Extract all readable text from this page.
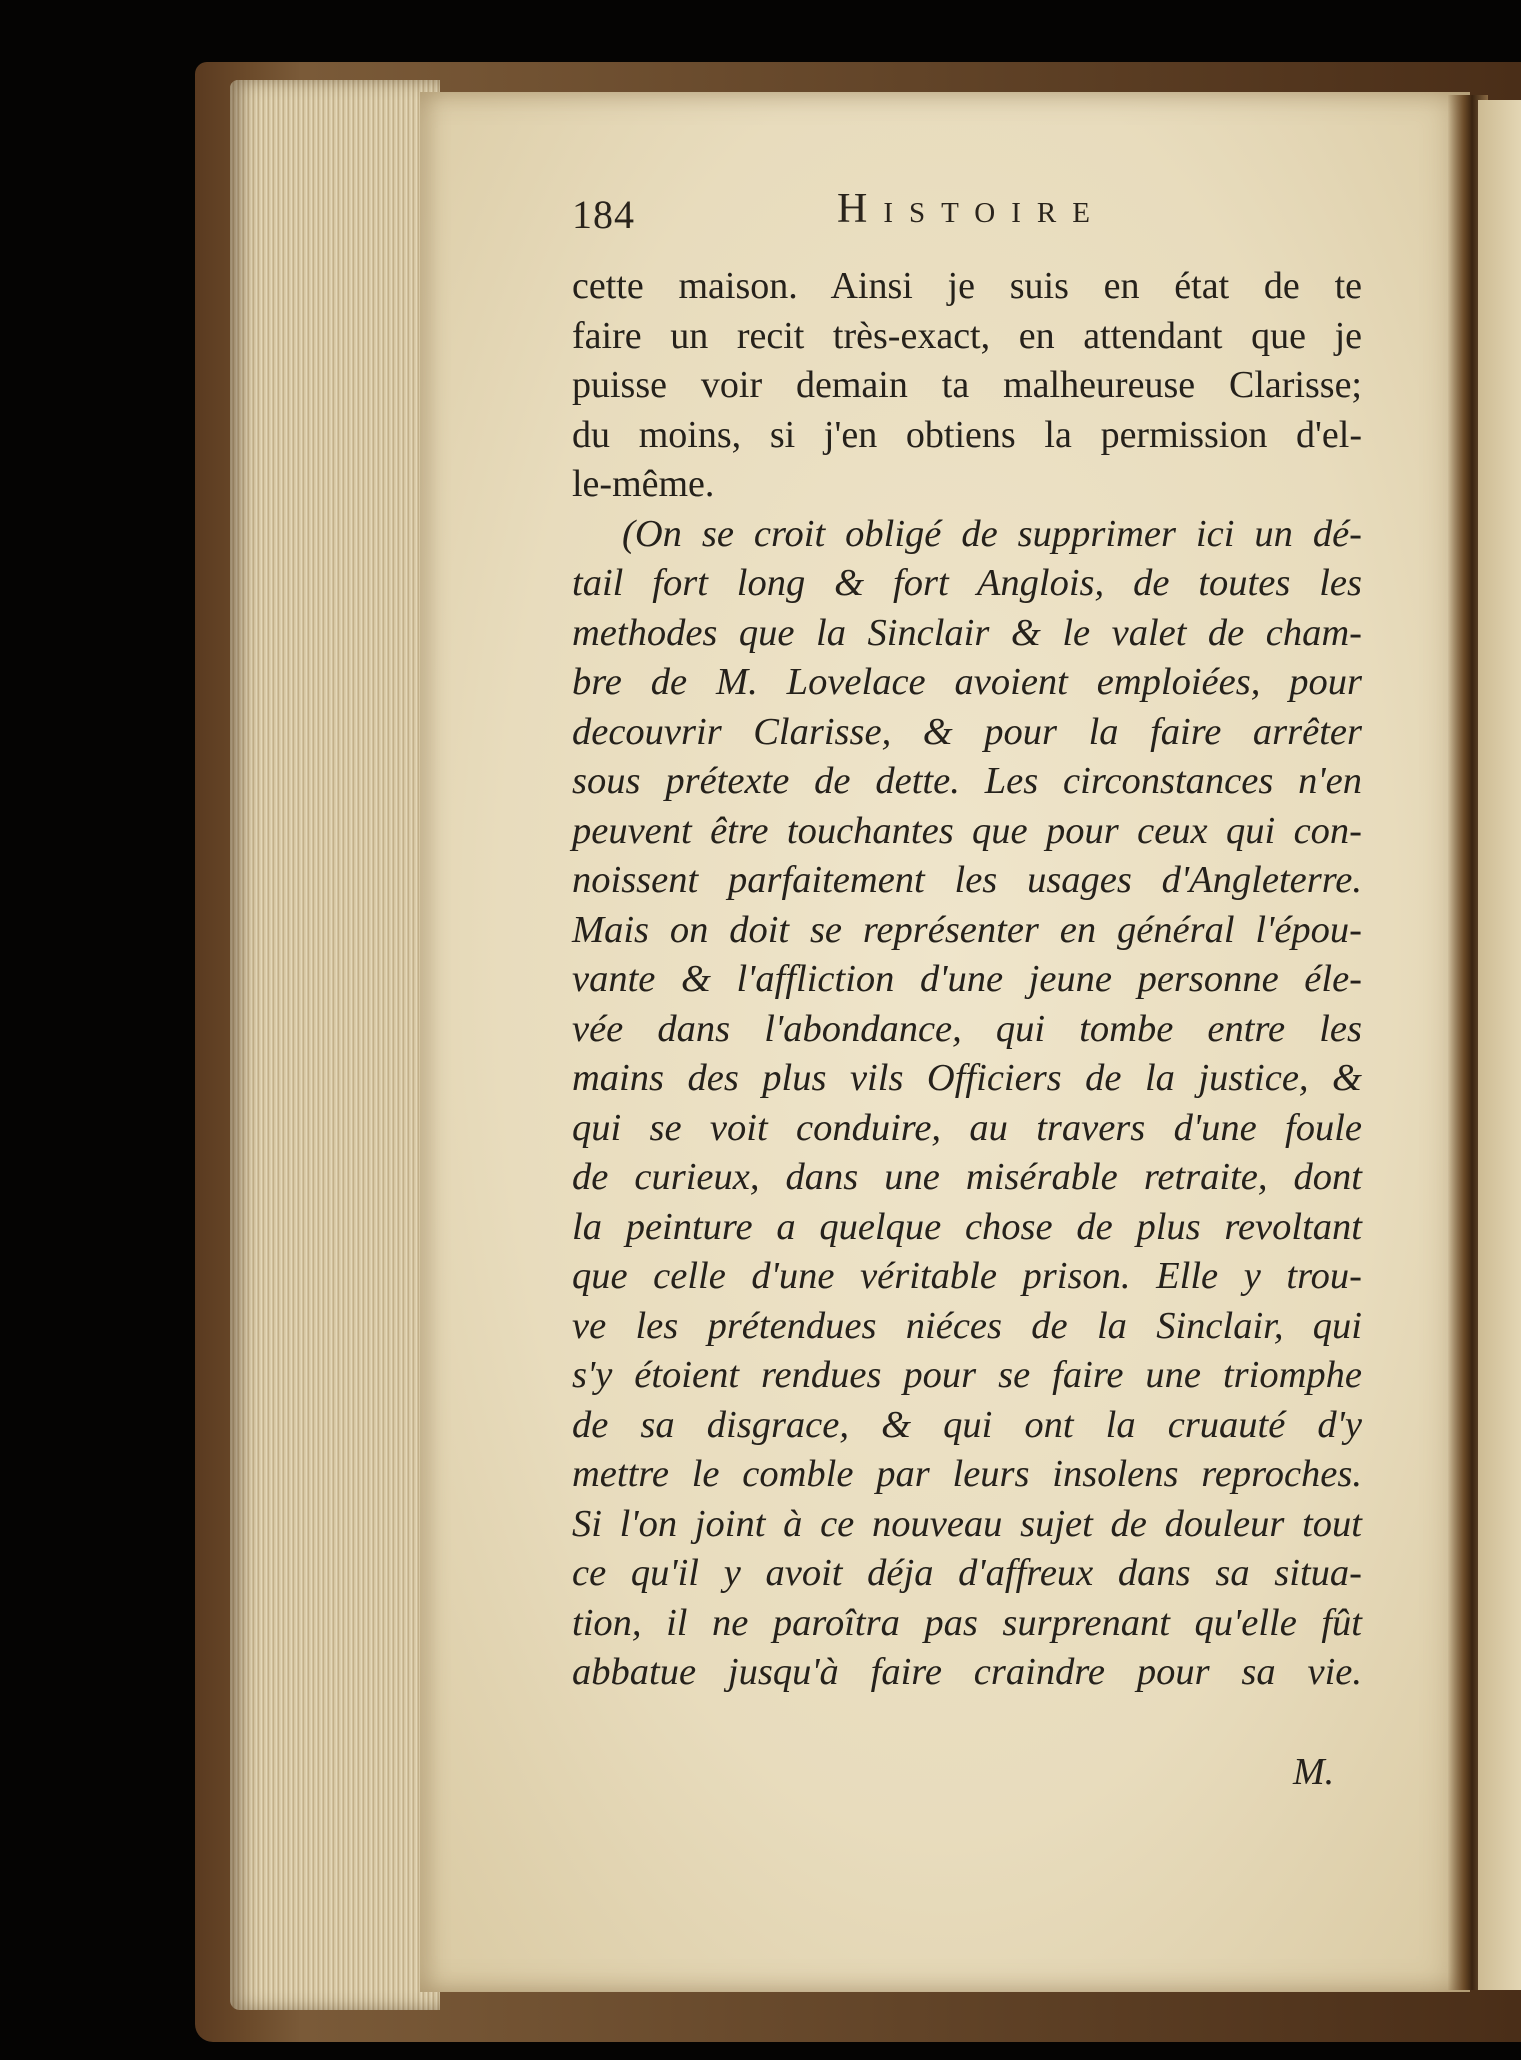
184	Histoire
cette maison. Ainsi je suis en état de te
faire un recit très-exact, en attendant que je
puisse voir demain ta malheureuse Clarisse;
du moins, si j'en obtiens la permission d'el-
le-même.
(On se croit obligé de supprimer ici un dé-
tail fort long & fort Anglois, de toutes les
methodes que la Sinclair & le valet de cham-
bre de M. Lovelace avoient emploiées, pour
decouvrir Clarisse, & pour la faire arrêter
sous prétexte de dette. Les circonstances n'en
peuvent être touchantes que pour ceux qui con-
noissent parfaitement les usages d'Angleterre.
Mais on doit se représenter en général l'épou-
vante & l'affliction d'une jeune personne éle-
vée dans l'abondance, qui tombe entre les
mains des plus vils Officiers de la justice, &
qui se voit conduire, au travers d'une foule
de curieux, dans une misérable retraite, dont
la peinture a quelque chose de plus revoltant
que celle d'une véritable prison. Elle y trou-
ve les prétendues niéces de la Sinclair, qui
s'y étoient rendues pour se faire une triomphe
de sa disgrace, & qui ont la cruauté d'y
mettre le comble par leurs insolens reproches.
Si l'on joint à ce nouveau sujet de douleur tout
ce qu'il y avoit déja d'affreux dans sa situa-
tion, il ne paroîtra pas surprenant qu'elle fût
abbatue jusqu'à faire craindre pour sa vie.
M.
